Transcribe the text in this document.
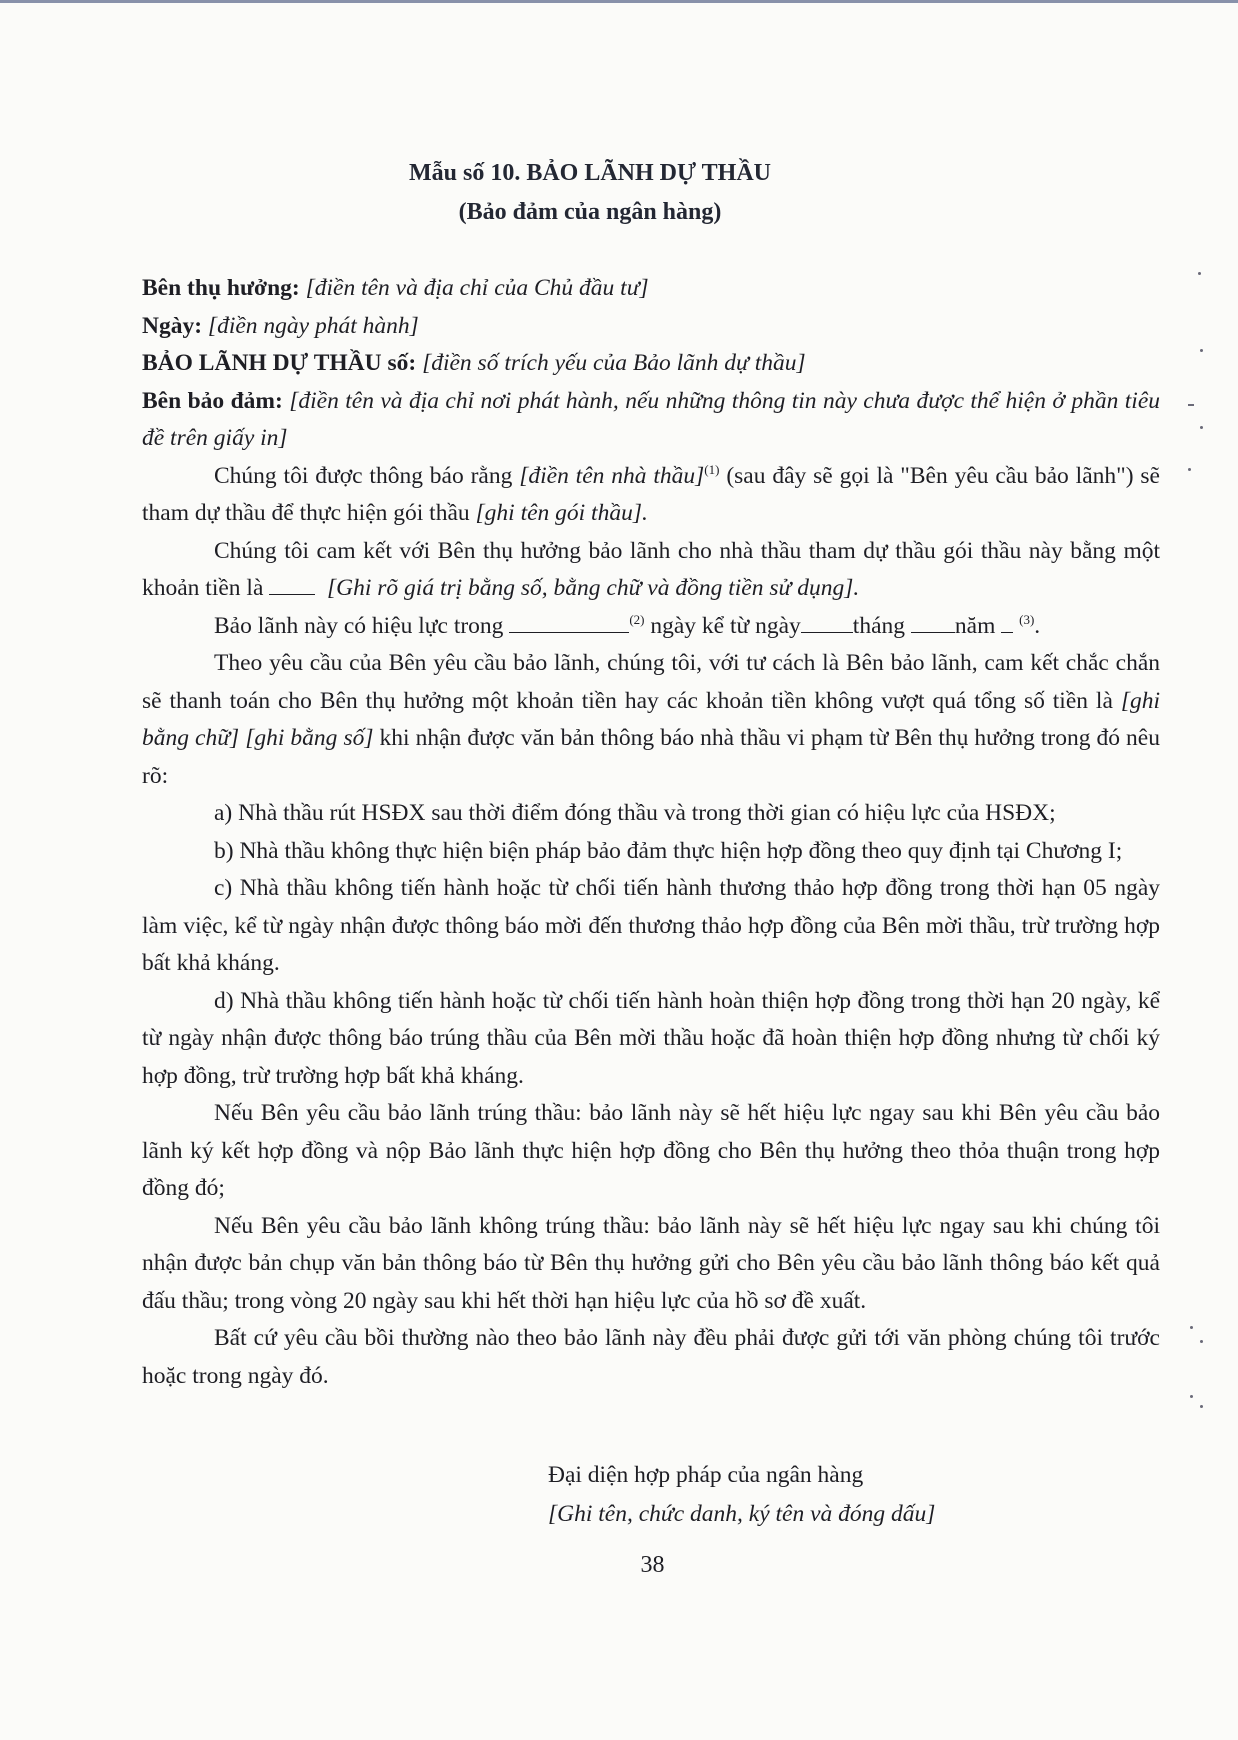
Mẫu số 10. BẢO LÃNH DỰ THẦU
(Bảo đảm của ngân hàng)

Bên thụ hưởng: [điền tên và địa chỉ của Chủ đầu tư]

Ngày: [điền ngày phát hành]

BẢO LÃNH DỰ THẦU số: [điền số trích yếu của Bảo lãnh dự thầu]

Bên bảo đảm: [điền tên và địa chỉ nơi phát hành, nếu những thông tin này chưa được thể hiện ở phần tiêu đề trên giấy in]

Chúng tôi được thông báo rằng [điền tên nhà thầu]$^{(1)}$ (sau đây sẽ gọi là "Bên yêu cầu bảo lãnh") sẽ tham dự thầu để thực hiện gói thầu [ghi tên gói thầu].

Chúng tôi cam kết với Bên thụ hưởng bảo lãnh cho nhà thầu tham dự thầu gói thầu này bằng một khoản tiền là   [Ghi rõ giá trị bằng số, bằng chữ và đồng tiền sử dụng].

Bảo lãnh này có hiệu lực trong	$^{(2)}$ ngày kể từ ngày tháng năm  $^{(3)}$.

Theo yêu cầu của Bên yêu cầu bảo lãnh, chúng tôi, với tư cách là Bên bảo lãnh, cam kết chắc chắn sẽ thanh toán cho Bên thụ hưởng một khoản tiền hay các khoản tiền không vượt quá tổng số tiền là [ghi bằng chữ] [ghi bằng số] khi nhận được văn bản thông báo nhà thầu vi phạm từ Bên thụ hưởng trong đó nêu rõ:

a) Nhà thầu rút HSĐX sau thời điểm đóng thầu và trong thời gian có hiệu lực của HSĐX;

b) Nhà thầu không thực hiện biện pháp bảo đảm thực hiện hợp đồng theo quy định tại Chương I;

c) Nhà thầu không tiến hành hoặc từ chối tiến hành thương thảo hợp đồng trong thời hạn 05 ngày làm việc, kể từ ngày nhận được thông báo mời đến thương thảo hợp đồng của Bên mời thầu, trừ trường hợp bất khả kháng.

d) Nhà thầu không tiến hành hoặc từ chối tiến hành hoàn thiện hợp đồng trong thời hạn 20 ngày, kể từ ngày nhận được thông báo trúng thầu của Bên mời thầu hoặc đã hoàn thiện hợp đồng nhưng từ chối ký hợp đồng, trừ trường hợp bất khả kháng.

Nếu Bên yêu cầu bảo lãnh trúng thầu: bảo lãnh này sẽ hết hiệu lực ngay sau khi Bên yêu cầu bảo lãnh ký kết hợp đồng và nộp Bảo lãnh thực hiện hợp đồng cho Bên thụ hưởng theo thỏa thuận trong hợp đồng đó;

Nếu Bên yêu cầu bảo lãnh không trúng thầu: bảo lãnh này sẽ hết hiệu lực ngay sau khi chúng tôi nhận được bản chụp văn bản thông báo từ Bên thụ hưởng gửi cho Bên yêu cầu bảo lãnh thông báo kết quả đấu thầu; trong vòng 20 ngày sau khi hết thời hạn hiệu lực của hồ sơ đề xuất.

Bất cứ yêu cầu bồi thường nào theo bảo lãnh này đều phải được gửi tới văn phòng chúng tôi trước hoặc trong ngày đó.

Đại diện hợp pháp của ngân hàng
[Ghi tên, chức danh, ký tên và đóng dấu]
38
